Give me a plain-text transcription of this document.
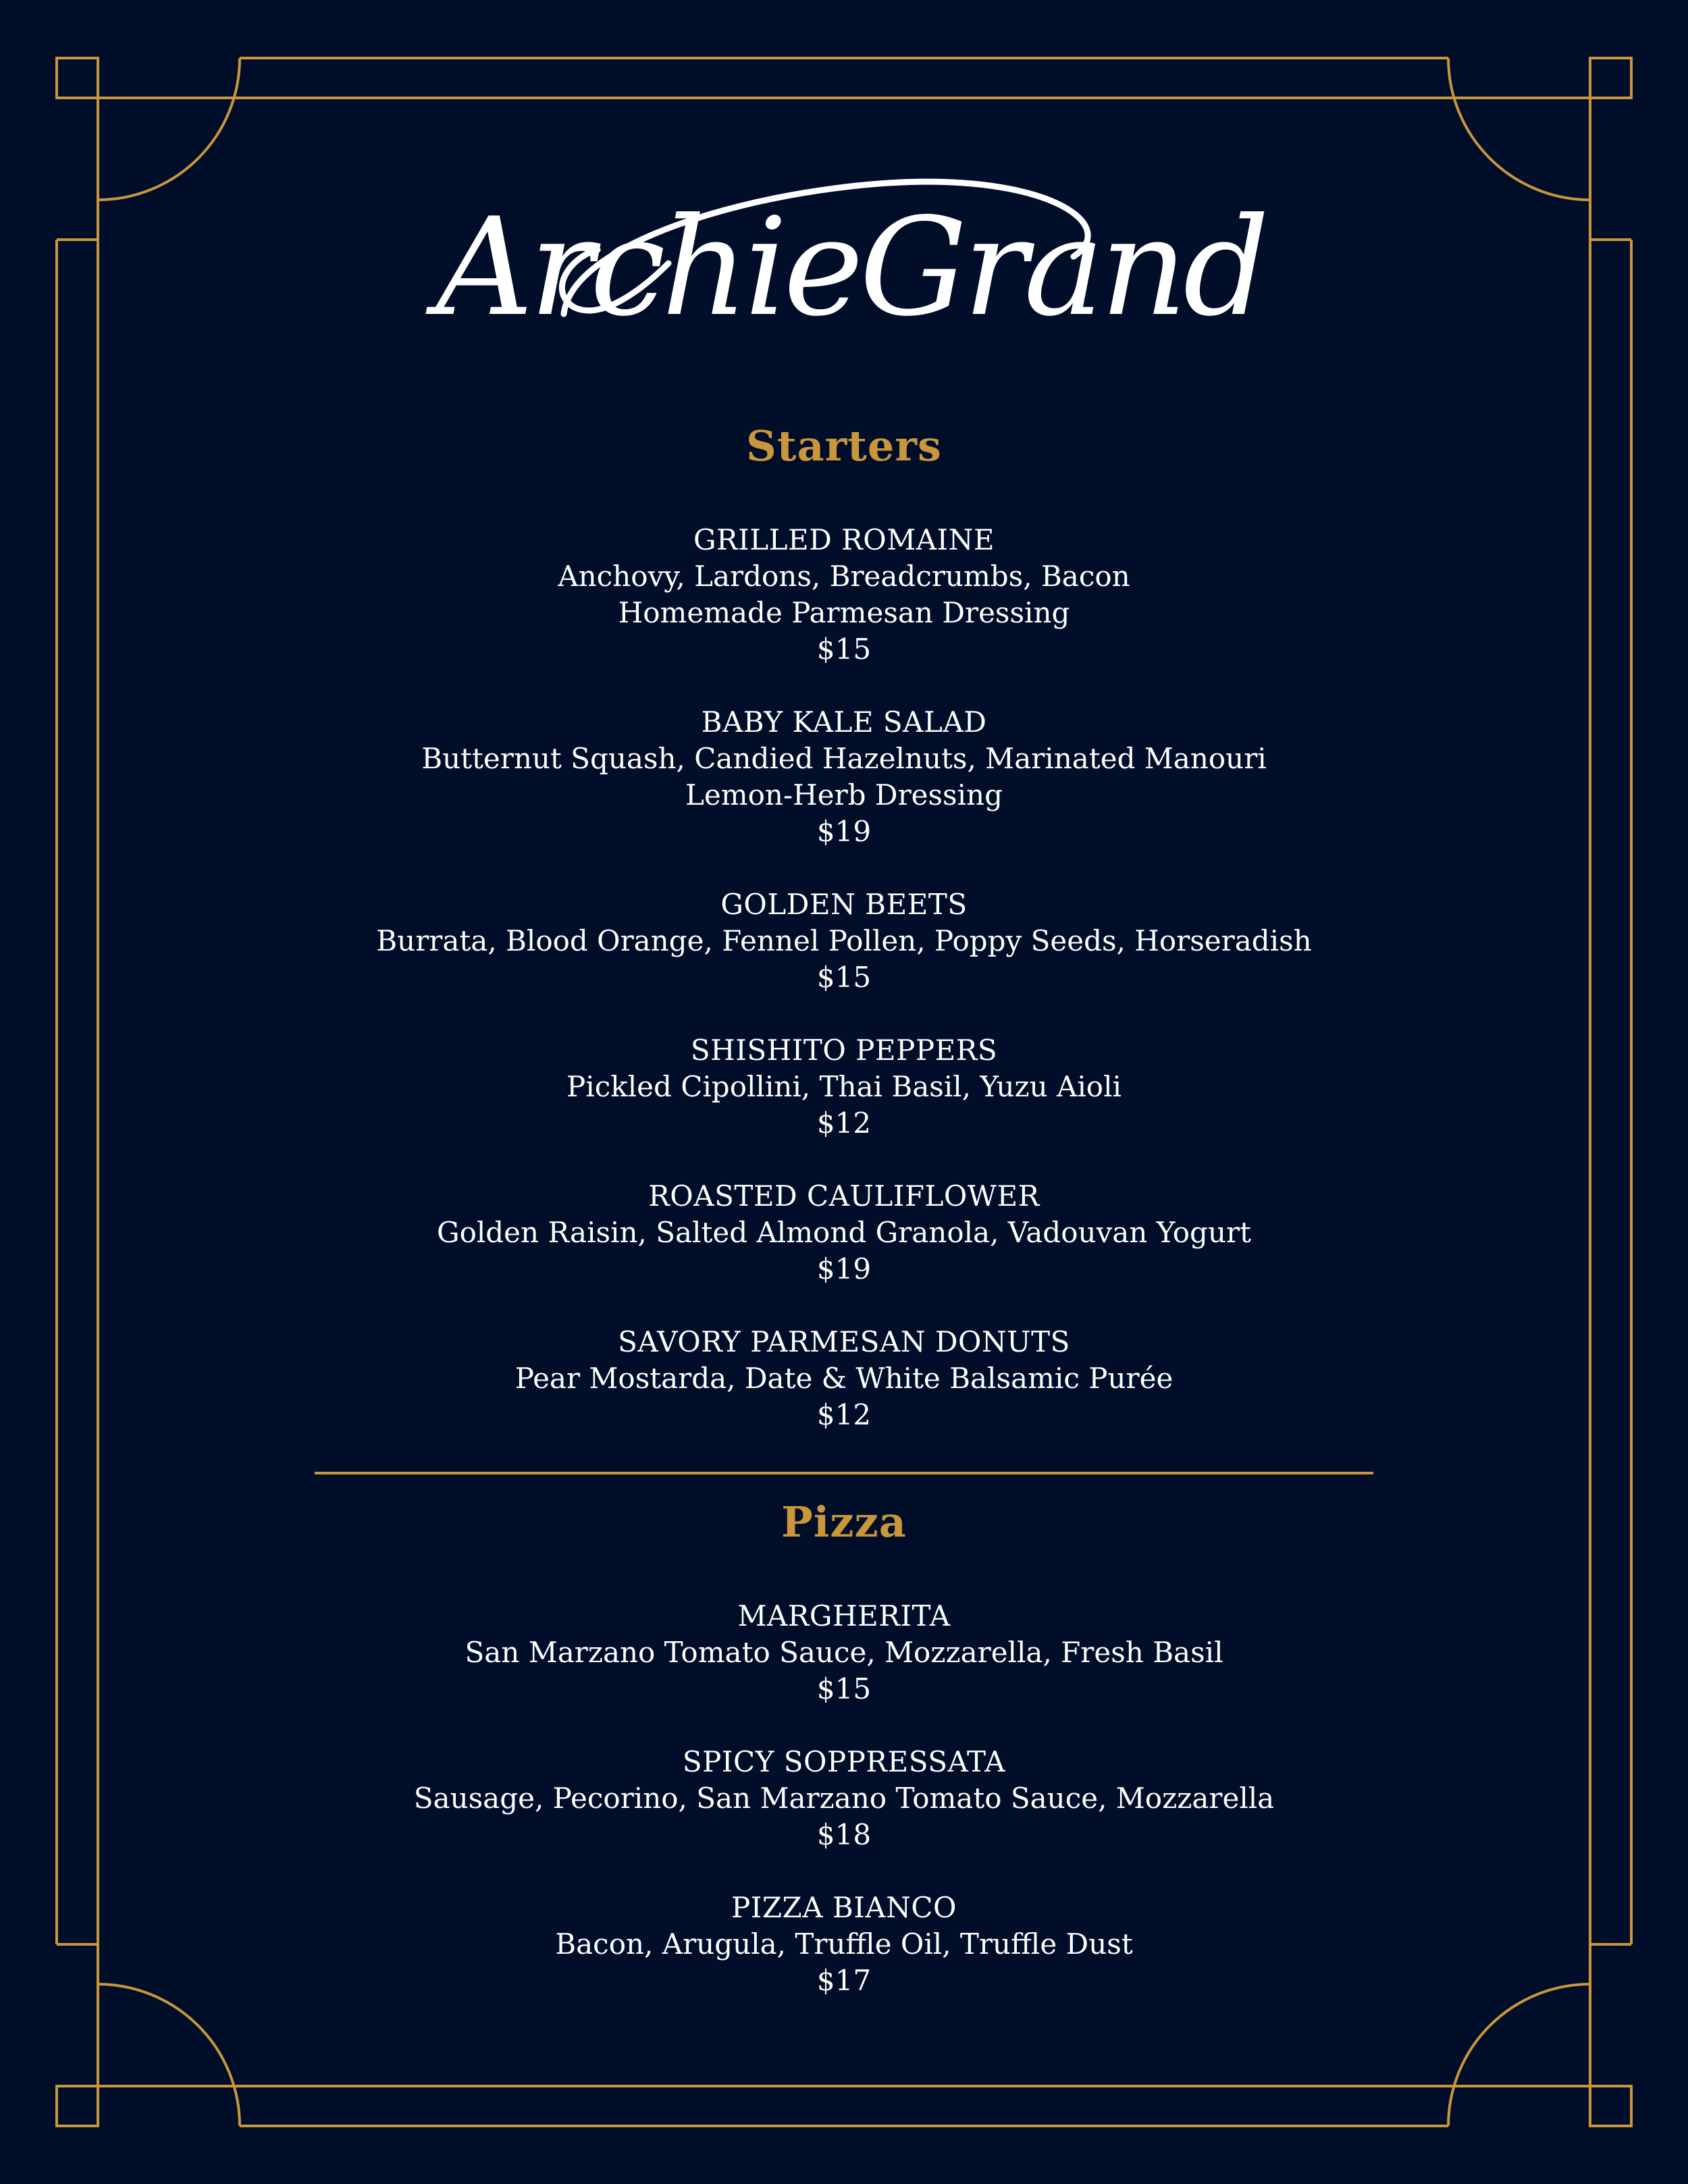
ArchieGrand
Starters
GRILLED ROMAINE
Anchovy, Lardons, Breadcrumbs, Bacon
Homemade Parmesan Dressing
$15
BABY KALE SALAD
Butternut Squash, Candied Hazelnuts, Marinated Manouri
Lemon-Herb Dressing
$19
GOLDEN BEETS
Burrata, Blood Orange, Fennel Pollen, Poppy Seeds, Horseradish
$15
SHISHITO PEPPERS
Pickled Cipollini, Thai Basil, Yuzu Aioli
$12
ROASTED CAULIFLOWER
Golden Raisin, Salted Almond Granola, Vadouvan Yogurt
$19
SAVORY PARMESAN DONUTS
Pear Mostarda, Date & White Balsamic Purée
$12
Pizza
MARGHERITA
San Marzano Tomato Sauce, Mozzarella, Fresh Basil
$15
SPICY SOPPRESSATA
Sausage, Pecorino, San Marzano Tomato Sauce, Mozzarella
$18
PIZZA BIANCO
Bacon, Arugula, Truffle Oil, Truffle Dust
$17
